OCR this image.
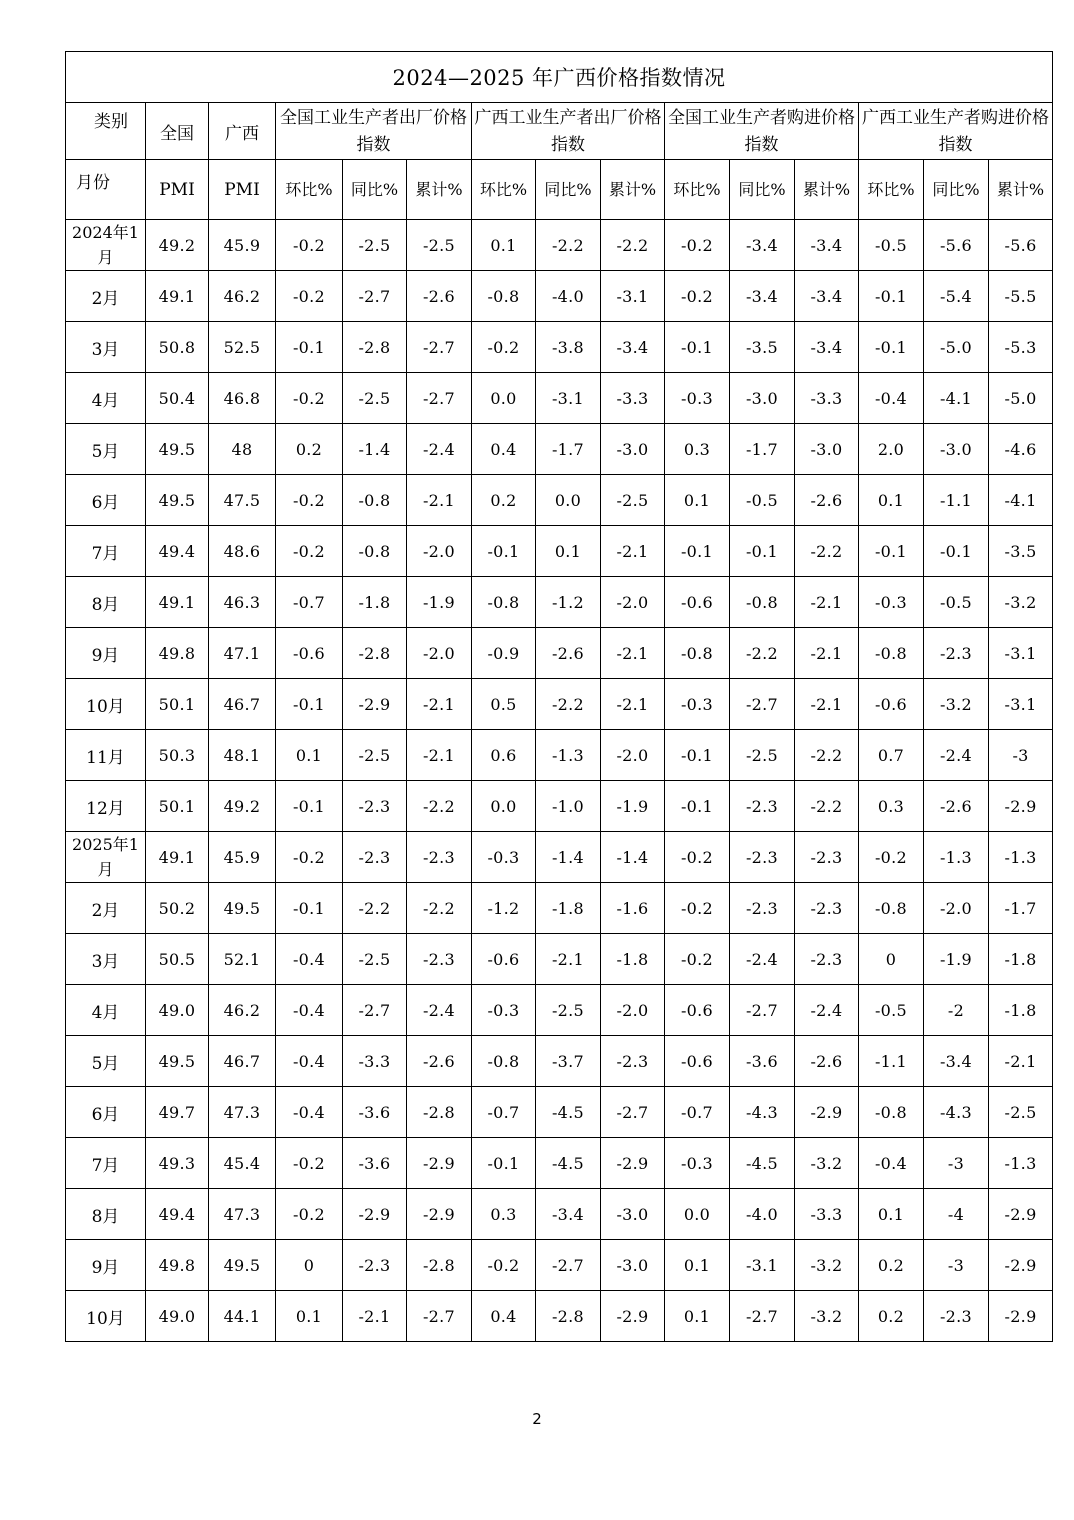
2024—2025 年广西价格指数情况														
类别	全国	广西	全国工业生产者出厂价格指数			广西工业生产者出厂价格指数			全国工业生产者购进价格指数			广西工业生产者购进价格指数		
月份	PMI	PMI	环比%	同比%	累计%	环比%	同比%	累计%	环比%	同比%	累计%	环比%	同比%	累计%
2024年1月	49.2	45.9	-0.2	-2.5	-2.5	0.1	-2.2	-2.2	-0.2	-3.4	-3.4	-0.5	-5.6	-5.6
2月	49.1	46.2	-0.2	-2.7	-2.6	-0.8	-4.0	-3.1	-0.2	-3.4	-3.4	-0.1	-5.4	-5.5
3月	50.8	52.5	-0.1	-2.8	-2.7	-0.2	-3.8	-3.4	-0.1	-3.5	-3.4	-0.1	-5.0	-5.3
4月	50.4	46.8	-0.2	-2.5	-2.7	0.0	-3.1	-3.3	-0.3	-3.0	-3.3	-0.4	-4.1	-5.0
5月	49.5	48	0.2	-1.4	-2.4	0.4	-1.7	-3.0	0.3	-1.7	-3.0	2.0	-3.0	-4.6
6月	49.5	47.5	-0.2	-0.8	-2.1	0.2	0.0	-2.5	0.1	-0.5	-2.6	0.1	-1.1	-4.1
7月	49.4	48.6	-0.2	-0.8	-2.0	-0.1	0.1	-2.1	-0.1	-0.1	-2.2	-0.1	-0.1	-3.5
8月	49.1	46.3	-0.7	-1.8	-1.9	-0.8	-1.2	-2.0	-0.6	-0.8	-2.1	-0.3	-0.5	-3.2
9月	49.8	47.1	-0.6	-2.8	-2.0	-0.9	-2.6	-2.1	-0.8	-2.2	-2.1	-0.8	-2.3	-3.1
10月	50.1	46.7	-0.1	-2.9	-2.1	0.5	-2.2	-2.1	-0.3	-2.7	-2.1	-0.6	-3.2	-3.1
11月	50.3	48.1	0.1	-2.5	-2.1	0.6	-1.3	-2.0	-0.1	-2.5	-2.2	0.7	-2.4	-3
12月	50.1	49.2	-0.1	-2.3	-2.2	0.0	-1.0	-1.9	-0.1	-2.3	-2.2	0.3	-2.6	-2.9
2025年1月	49.1	45.9	-0.2	-2.3	-2.3	-0.3	-1.4	-1.4	-0.2	-2.3	-2.3	-0.2	-1.3	-1.3
2月	50.2	49.5	-0.1	-2.2	-2.2	-1.2	-1.8	-1.6	-0.2	-2.3	-2.3	-0.8	-2.0	-1.7
3月	50.5	52.1	-0.4	-2.5	-2.3	-0.6	-2.1	-1.8	-0.2	-2.4	-2.3	0	-1.9	-1.8
4月	49.0	46.2	-0.4	-2.7	-2.4	-0.3	-2.5	-2.0	-0.6	-2.7	-2.4	-0.5	-2	-1.8
5月	49.5	46.7	-0.4	-3.3	-2.6	-0.8	-3.7	-2.3	-0.6	-3.6	-2.6	-1.1	-3.4	-2.1
6月	49.7	47.3	-0.4	-3.6	-2.8	-0.7	-4.5	-2.7	-0.7	-4.3	-2.9	-0.8	-4.3	-2.5
7月	49.3	45.4	-0.2	-3.6	-2.9	-0.1	-4.5	-2.9	-0.3	-4.5	-3.2	-0.4	-3	-1.3
8月	49.4	47.3	-0.2	-2.9	-2.9	0.3	-3.4	-3.0	0.0	-4.0	-3.3	0.1	-4	-2.9
9月	49.8	49.5	0	-2.3	-2.8	-0.2	-2.7	-3.0	0.1	-3.1	-3.2	0.2	-3	-2.9
10月	49.0	44.1	0.1	-2.1	-2.7	0.4	-2.8	-2.9	0.1	-2.7	-3.2	0.2	-2.3	-2.9
2
